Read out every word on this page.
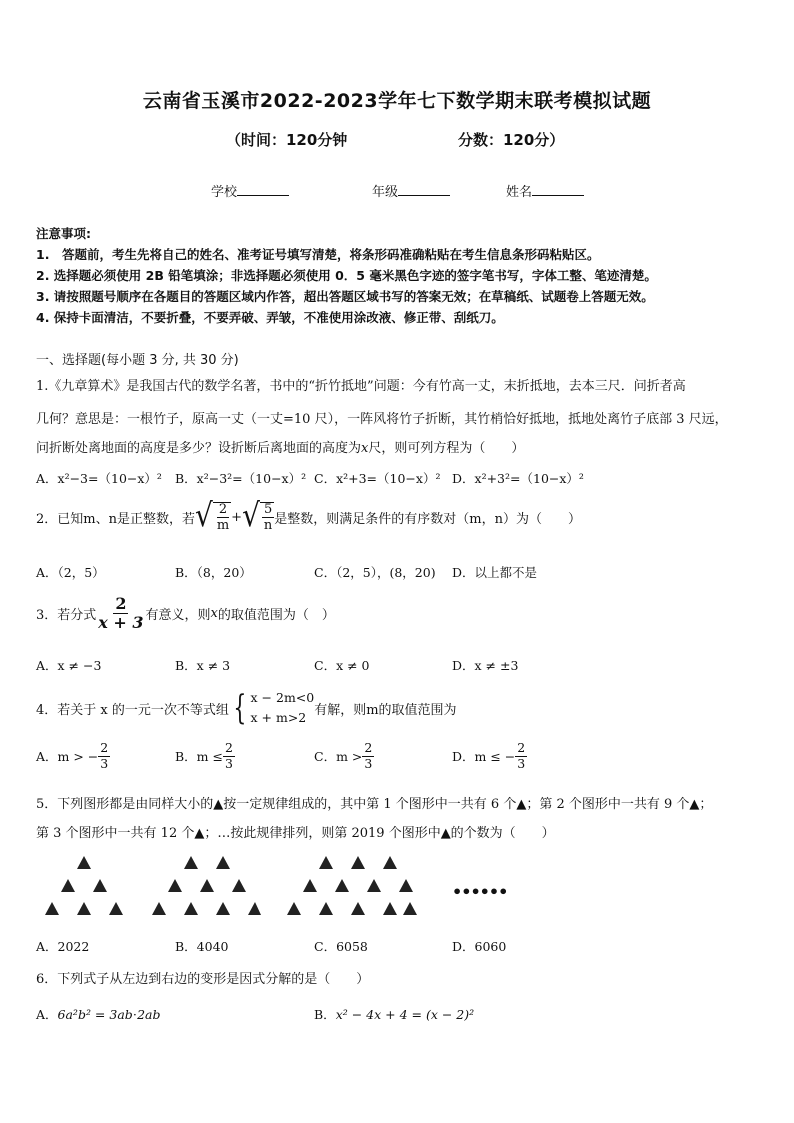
云南省玉溪市2022-2023学年七下数学期末联考模拟试题
（时间：120分钟	分数：120分）
学校	年级	姓名
注意事项:
1.　答题前，考生先将自己的姓名、准考证号填写清楚，将条形码准确粘贴在考生信息条形码粘贴区。
2. 选择题必须使用 2B 铅笔填涂；非选择题必须使用 0．5 毫米黑色字迹的签字笔书写，字体工整、笔迹清楚。
3. 请按照题号顺序在各题目的答题区域内作答，超出答题区域书写的答案无效；在草稿纸、试题卷上答题无效。
4. 保持卡面清洁，不要折叠，不要弄破、弄皱，不准使用涂改液、修正带、刮纸刀。
一、选择题(每小题 3 分, 共 30 分)
1.《九章算术》是我国古代的数学名著，书中的“折竹抵地”问题：今有竹高一丈，末折抵地，去本三尺．问折者高
几何？意思是：一根竹子，原高一丈（一丈=10 尺），一阵风将竹子折断，其竹梢恰好抵地，抵地处离竹子底部 3 尺远，
问折断处离地面的高度是多少？设折断后离地面的高度为x尺，则可列方程为（　　）
A．x²−3=（10−x）² B．x²−3²=（10−x）² C．x²+3=（10−x）² D．x²+3²=（10−x）²
2．已知m、n是正整数，若 √ $\frac{2}{m}$ + √ $\frac{5}{n}$ 是整数，则满足条件的有序数对（m，n）为（　　）
A．（2，5）	B．（8，20）	C．（2，5），(8，20) D．以上都不是
3．若分式 $\frac{2}{x + 3}$ 有意义，则 x 的取值范围为（　）
A．x ≠ −3	B．x ≠ 3	C．x ≠ 0	D．x ≠ ±3
4．若关于 x 的一元一次不等式组 { x − 2m<0
x + m>2 有解，则m的取值范围为
A．m > − $\frac{2}{3}$	B．$m \le \frac{2}{3}$	C．$m > \frac{2}{3}$	D．m ≤ − $\frac{2}{3}$
5．下列图形都是由同样大小的▲按一定规律组成的，其中第 1 个图形中一共有 6 个▲；第 2 个图形中一共有 9 个▲；
第 3 个图形中一共有 12 个▲；…按此规律排列，则第 2019 个图形中▲的个数为（　　）
••••••
A．2022	B．4040	C．6058	D．6060
6．下列式子从左边到右边的变形是因式分解的是（　　）
A．6a²b² = 3ab⋅2ab	B．x² − 4x + 4 = (x − 2)²
